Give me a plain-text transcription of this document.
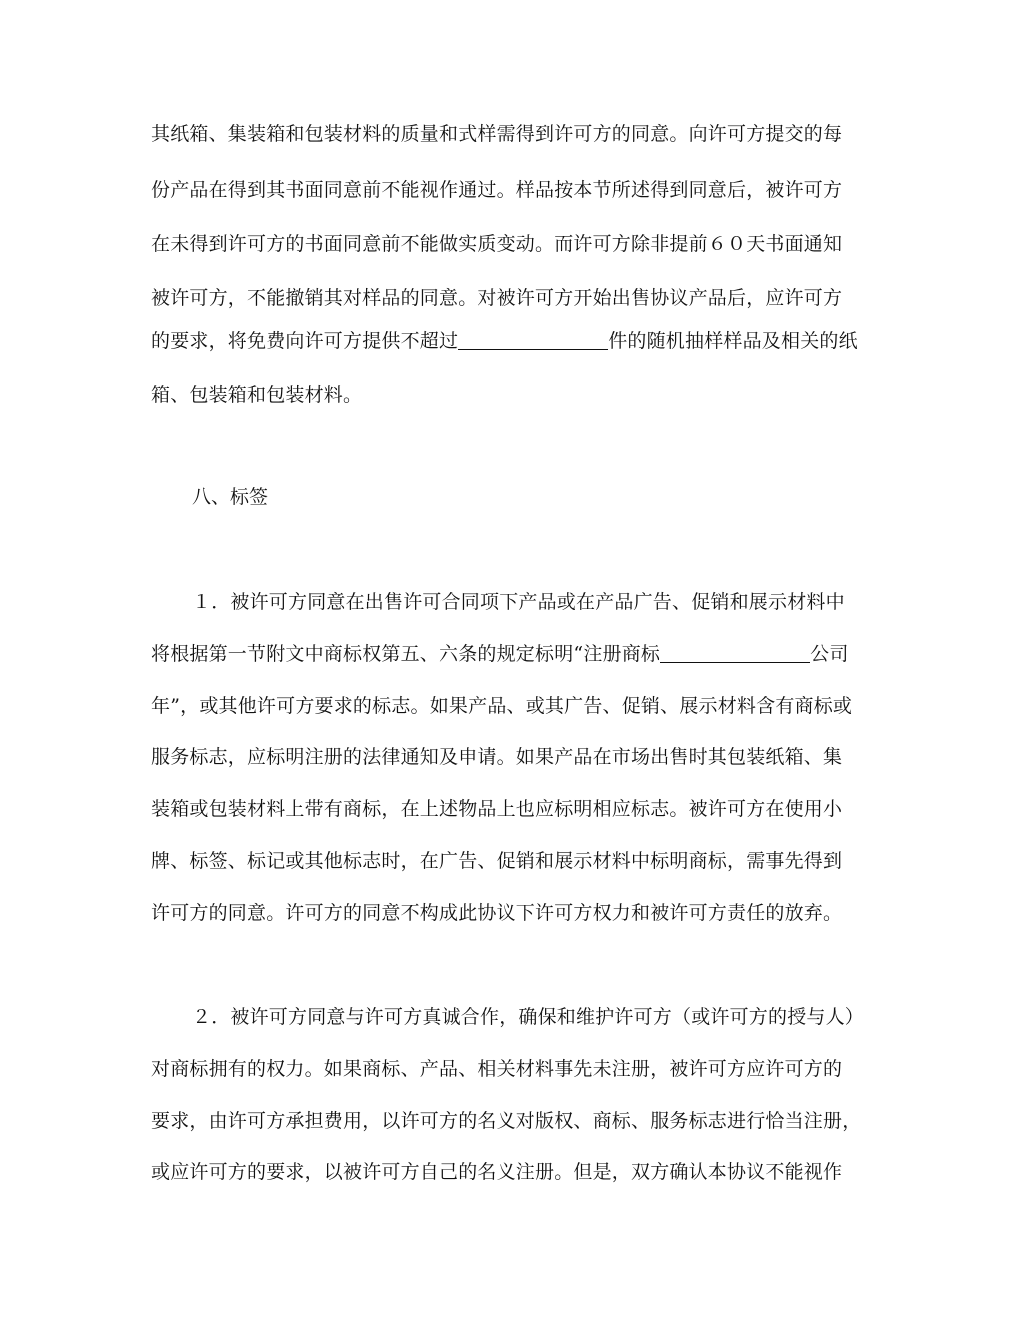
其纸箱、集装箱和包装材料的质量和式样需得到许可方的同意。向许可方提交的每
份产品在得到其书面同意前不能视作通过。样品按本节所述得到同意后，被许可方
在未得到许可方的书面同意前不能做实质变动。而许可方除非提前６０天书面通知
被许可方，不能撤销其对样品的同意。对被许可方开始出售协议产品后，应许可方
的要求，将免费向许可方提供不超过	件的随机抽样样品及相关的纸
箱、包装箱和包装材料。
八、标签
１．被许可方同意在出售许可合同项下产品或在产品广告、促销和展示材料中
将根据第一节附文中商标权第五、六条的规定标明“注册商标	公司
年”，或其他许可方要求的标志。如果产品、或其广告、促销、展示材料含有商标或
服务标志，应标明注册的法律通知及申请。如果产品在市场出售时其包装纸箱、集
装箱或包装材料上带有商标，在上述物品上也应标明相应标志。被许可方在使用小
牌、标签、标记或其他标志时，在广告、促销和展示材料中标明商标，需事先得到
许可方的同意。许可方的同意不构成此协议下许可方权力和被许可方责任的放弃。
２．被许可方同意与许可方真诚合作，确保和维护许可方（或许可方的授与人）
对商标拥有的权力。如果商标、产品、相关材料事先未注册，被许可方应许可方的
要求，由许可方承担费用，以许可方的名义对版权、商标、服务标志进行恰当注册，
或应许可方的要求，以被许可方自己的名义注册。但是，双方确认本协议不能视作
